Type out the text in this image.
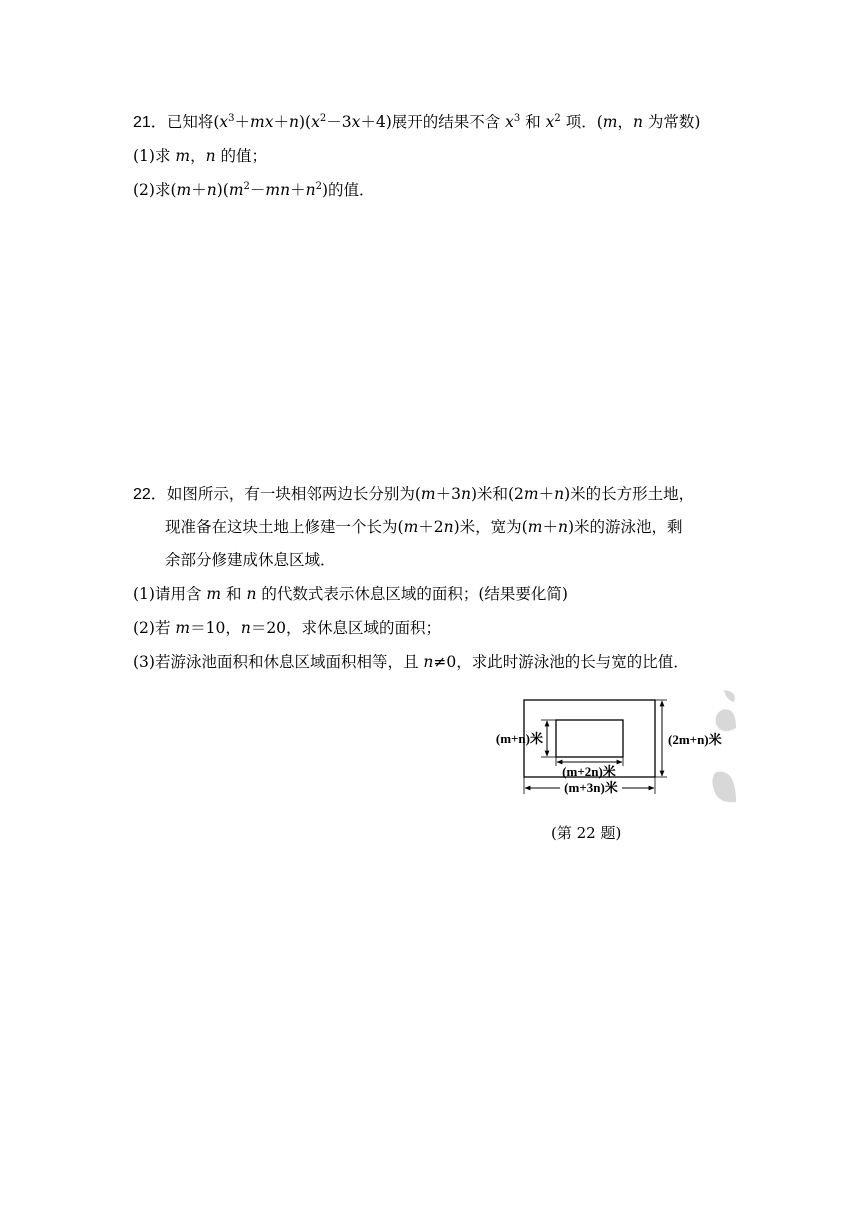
21．已知将$(x^3+mx+n)(x^2-3x+4)$展开的结果不含 $x^3$ 和 $x^2$ 项．(m，n 为常数)
(1)求 m，n 的值；
(2)求$(m+n)(m^2-mn+n^2)$的值．
22．如图所示，有一块相邻两边长分别为(m＋3n)米和(2m＋n)米的长方形土地，
现准备在这块土地上修建一个长为(m＋2n)米，宽为(m＋n)米的游泳池，剩
余部分修建成休息区域．
(1)请用含 m 和 n 的代数式表示休息区域的面积；(结果要化简)
(2)若 m＝10，n＝20，求休息区域的面积；
(3)若游泳池面积和休息区域面积相等，且 n≠0，求此时游泳池的长与宽的比值．
(m+n)米
(m+2n)米
(m+3n)米
(2m+n)米
(第 22 题)
